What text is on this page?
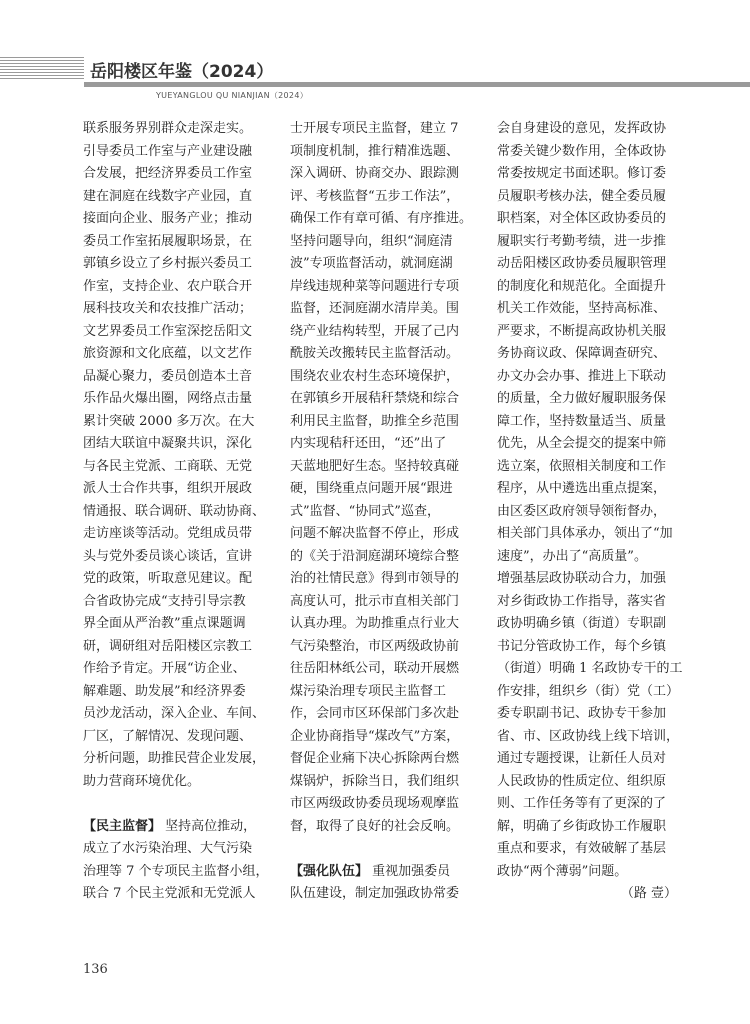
岳阳楼区年鉴（2024）
YUEYANGLOU QU NIANJIAN（2024）
联系服务界别群众走深走实。
引导委员工作室与产业建设融
合发展，把经济界委员工作室
建在洞庭在线数字产业园，直
接面向企业、服务产业；推动
委员工作室拓展履职场景，在
郭镇乡设立了乡村振兴委员工
作室，支持企业、农户联合开
展科技攻关和农技推广活动；
文艺界委员工作室深挖岳阳文
旅资源和文化底蕴，以文艺作
品凝心聚力，委员创造本土音
乐作品火爆出圈，网络点击量
累计突破 2000 多万次。在大
团结大联谊中凝聚共识，深化
与各民主党派、工商联、无党
派人士合作共事，组织开展政
情通报、联合调研、联动协商、
走访座谈等活动。党组成员带
头与党外委员谈心谈话，宣讲
党的政策，听取意见建议。配
合省政协完成“支持引导宗教
界全面从严治教”重点课题调
研，调研组对岳阳楼区宗教工
作给予肯定。开展“访企业、
解难题、助发展”和经济界委
员沙龙活动，深入企业、车间、
厂区，了解情况、发现问题、
分析问题，助推民营企业发展，
助力营商环境优化。
【民主监督】 坚持高位推动，
成立了水污染治理、大气污染
治理等 7 个专项民主监督小组，
联合 7 个民主党派和无党派人
士开展专项民主监督，建立 7
项制度机制，推行精准选题、
深入调研、协商交办、跟踪测
评、考核监督“五步工作法”，
确保工作有章可循、有序推进。
坚持问题导向，组织“洞庭清
波”专项监督活动，就洞庭湖
岸线违规种菜等问题进行专项
监督，还洞庭湖水清岸美。围
绕产业结构转型，开展了己内
酰胺关改搬转民主监督活动。
围绕农业农村生态环境保护，
在郭镇乡开展秸秆禁烧和综合
利用民主监督，助推全乡范围
内实现秸秆还田，“还”出了
天蓝地肥好生态。坚持较真碰
硬，围绕重点问题开展“跟进
式”监督、“协同式”巡查，
问题不解决监督不停止，形成
的《关于沿洞庭湖环境综合整
治的社情民意》得到市领导的
高度认可，批示市直相关部门
认真办理。为助推重点行业大
气污染整治，市区两级政协前
往岳阳林纸公司，联动开展燃
煤污染治理专项民主监督工
作，会同市区环保部门多次赴
企业协商指导“煤改气”方案，
督促企业痛下决心拆除两台燃
煤锅炉，拆除当日，我们组织
市区两级政协委员现场观摩监
督，取得了良好的社会反响。
【强化队伍】 重视加强委员
队伍建设，制定加强政协常委
会自身建设的意见，发挥政协
常委关键少数作用，全体政协
常委按规定书面述职。修订委
员履职考核办法，健全委员履
职档案，对全体区政协委员的
履职实行考勤考绩，进一步推
动岳阳楼区政协委员履职管理
的制度化和规范化。全面提升
机关工作效能，坚持高标准、
严要求，不断提高政协机关服
务协商议政、保障调查研究、
办文办会办事、推进上下联动
的质量，全力做好履职服务保
障工作，坚持数量适当、质量
优先，从全会提交的提案中筛
选立案，依照相关制度和工作
程序，从中遴选出重点提案，
由区委区政府领导领衔督办，
相关部门具体承办，领出了“加
速度”，办出了“高质量”。
增强基层政协联动合力，加强
对乡街政协工作指导，落实省
政协明确乡镇（街道）专职副
书记分管政协工作，每个乡镇
（街道）明确 1 名政协专干的工
作安排，组织乡（街）党（工）
委专职副书记、政协专干参加
省、市、区政协线上线下培训，
通过专题授课，让新任人员对
人民政协的性质定位、组织原
则、工作任务等有了更深的了
解，明确了乡街政协工作履职
重点和要求，有效破解了基层
政协“两个薄弱”问题。
（路 壹）
136
